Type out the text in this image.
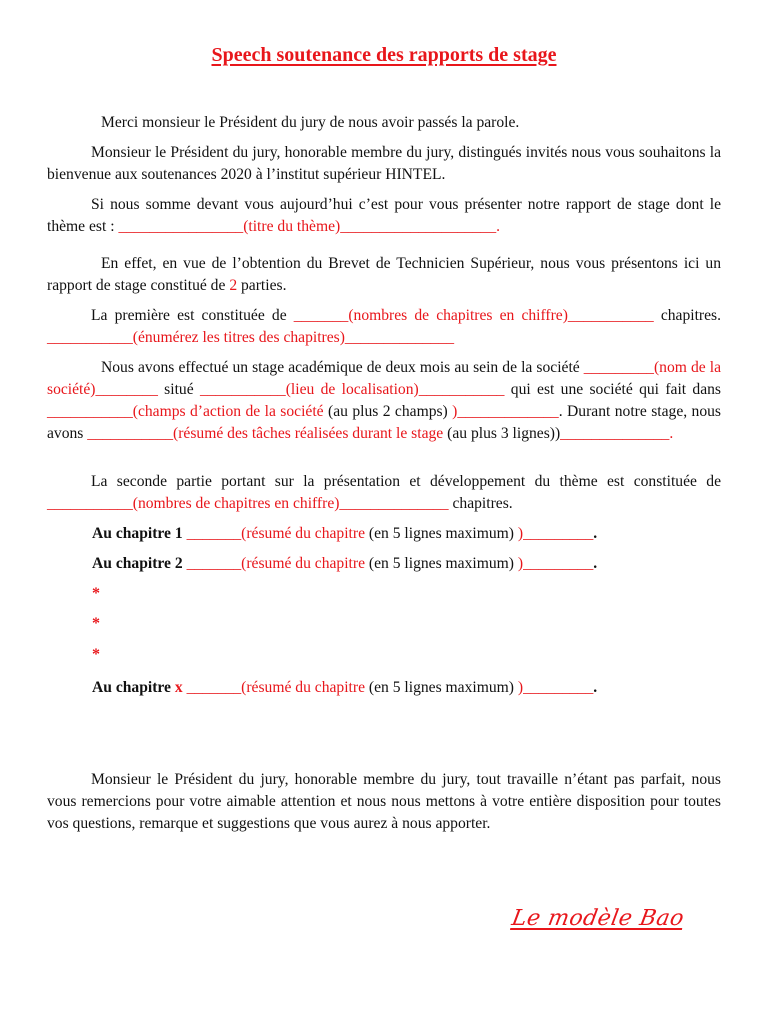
Speech soutenance des rapports de stage

Merci monsieur le Président du jury de nous avoir passés la parole.

Monsieur le Président du jury, honorable membre du jury, distingués invités nous vous souhaitons la bienvenue aux soutenances 2020 à l’institut supérieur HINTEL.

Si nous somme devant vous aujourd’hui c’est pour vous présenter notre rapport de stage dont le thème est : ________________(titre du thème)____________________.

En effet, en vue de l’obtention du Brevet de Technicien Supérieur, nous vous présentons ici un rapport de stage constitué de 2 parties.

La première est constituée de _______(nombres de chapitres en chiffre)___________ chapitres. ___________(énumérez les titres des chapitres)______________

Nous avons effectué un stage académique de deux mois au sein de la société _________(nom de la société)________ situé ___________(lieu de localisation)___________ qui est une société qui fait dans ___________(champs d’action de la société (au plus 2 champs) )_____________. Durant notre stage, nous avons ___________(résumé des tâches réalisées durant le stage (au plus 3 lignes))______________.

La seconde partie portant sur la présentation et développement du thème est constituée de ___________(nombres de chapitres en chiffre)______________ chapitres.

Au chapitre 1 _______(résumé du chapitre (en 5 lignes maximum) )_________.
Au chapitre 2 _______(résumé du chapitre (en 5 lignes maximum) )_________.
*
*
*
Au chapitre x _______(résumé du chapitre (en 5 lignes maximum) )_________.

Monsieur le Président du jury, honorable membre du jury, tout travaille n’étant pas parfait, nous vous remercions pour votre aimable attention et nous nous mettons à votre entière disposition pour toutes vos questions, remarque et suggestions que vous aurez à nous apporter.

Le modèle Bao
